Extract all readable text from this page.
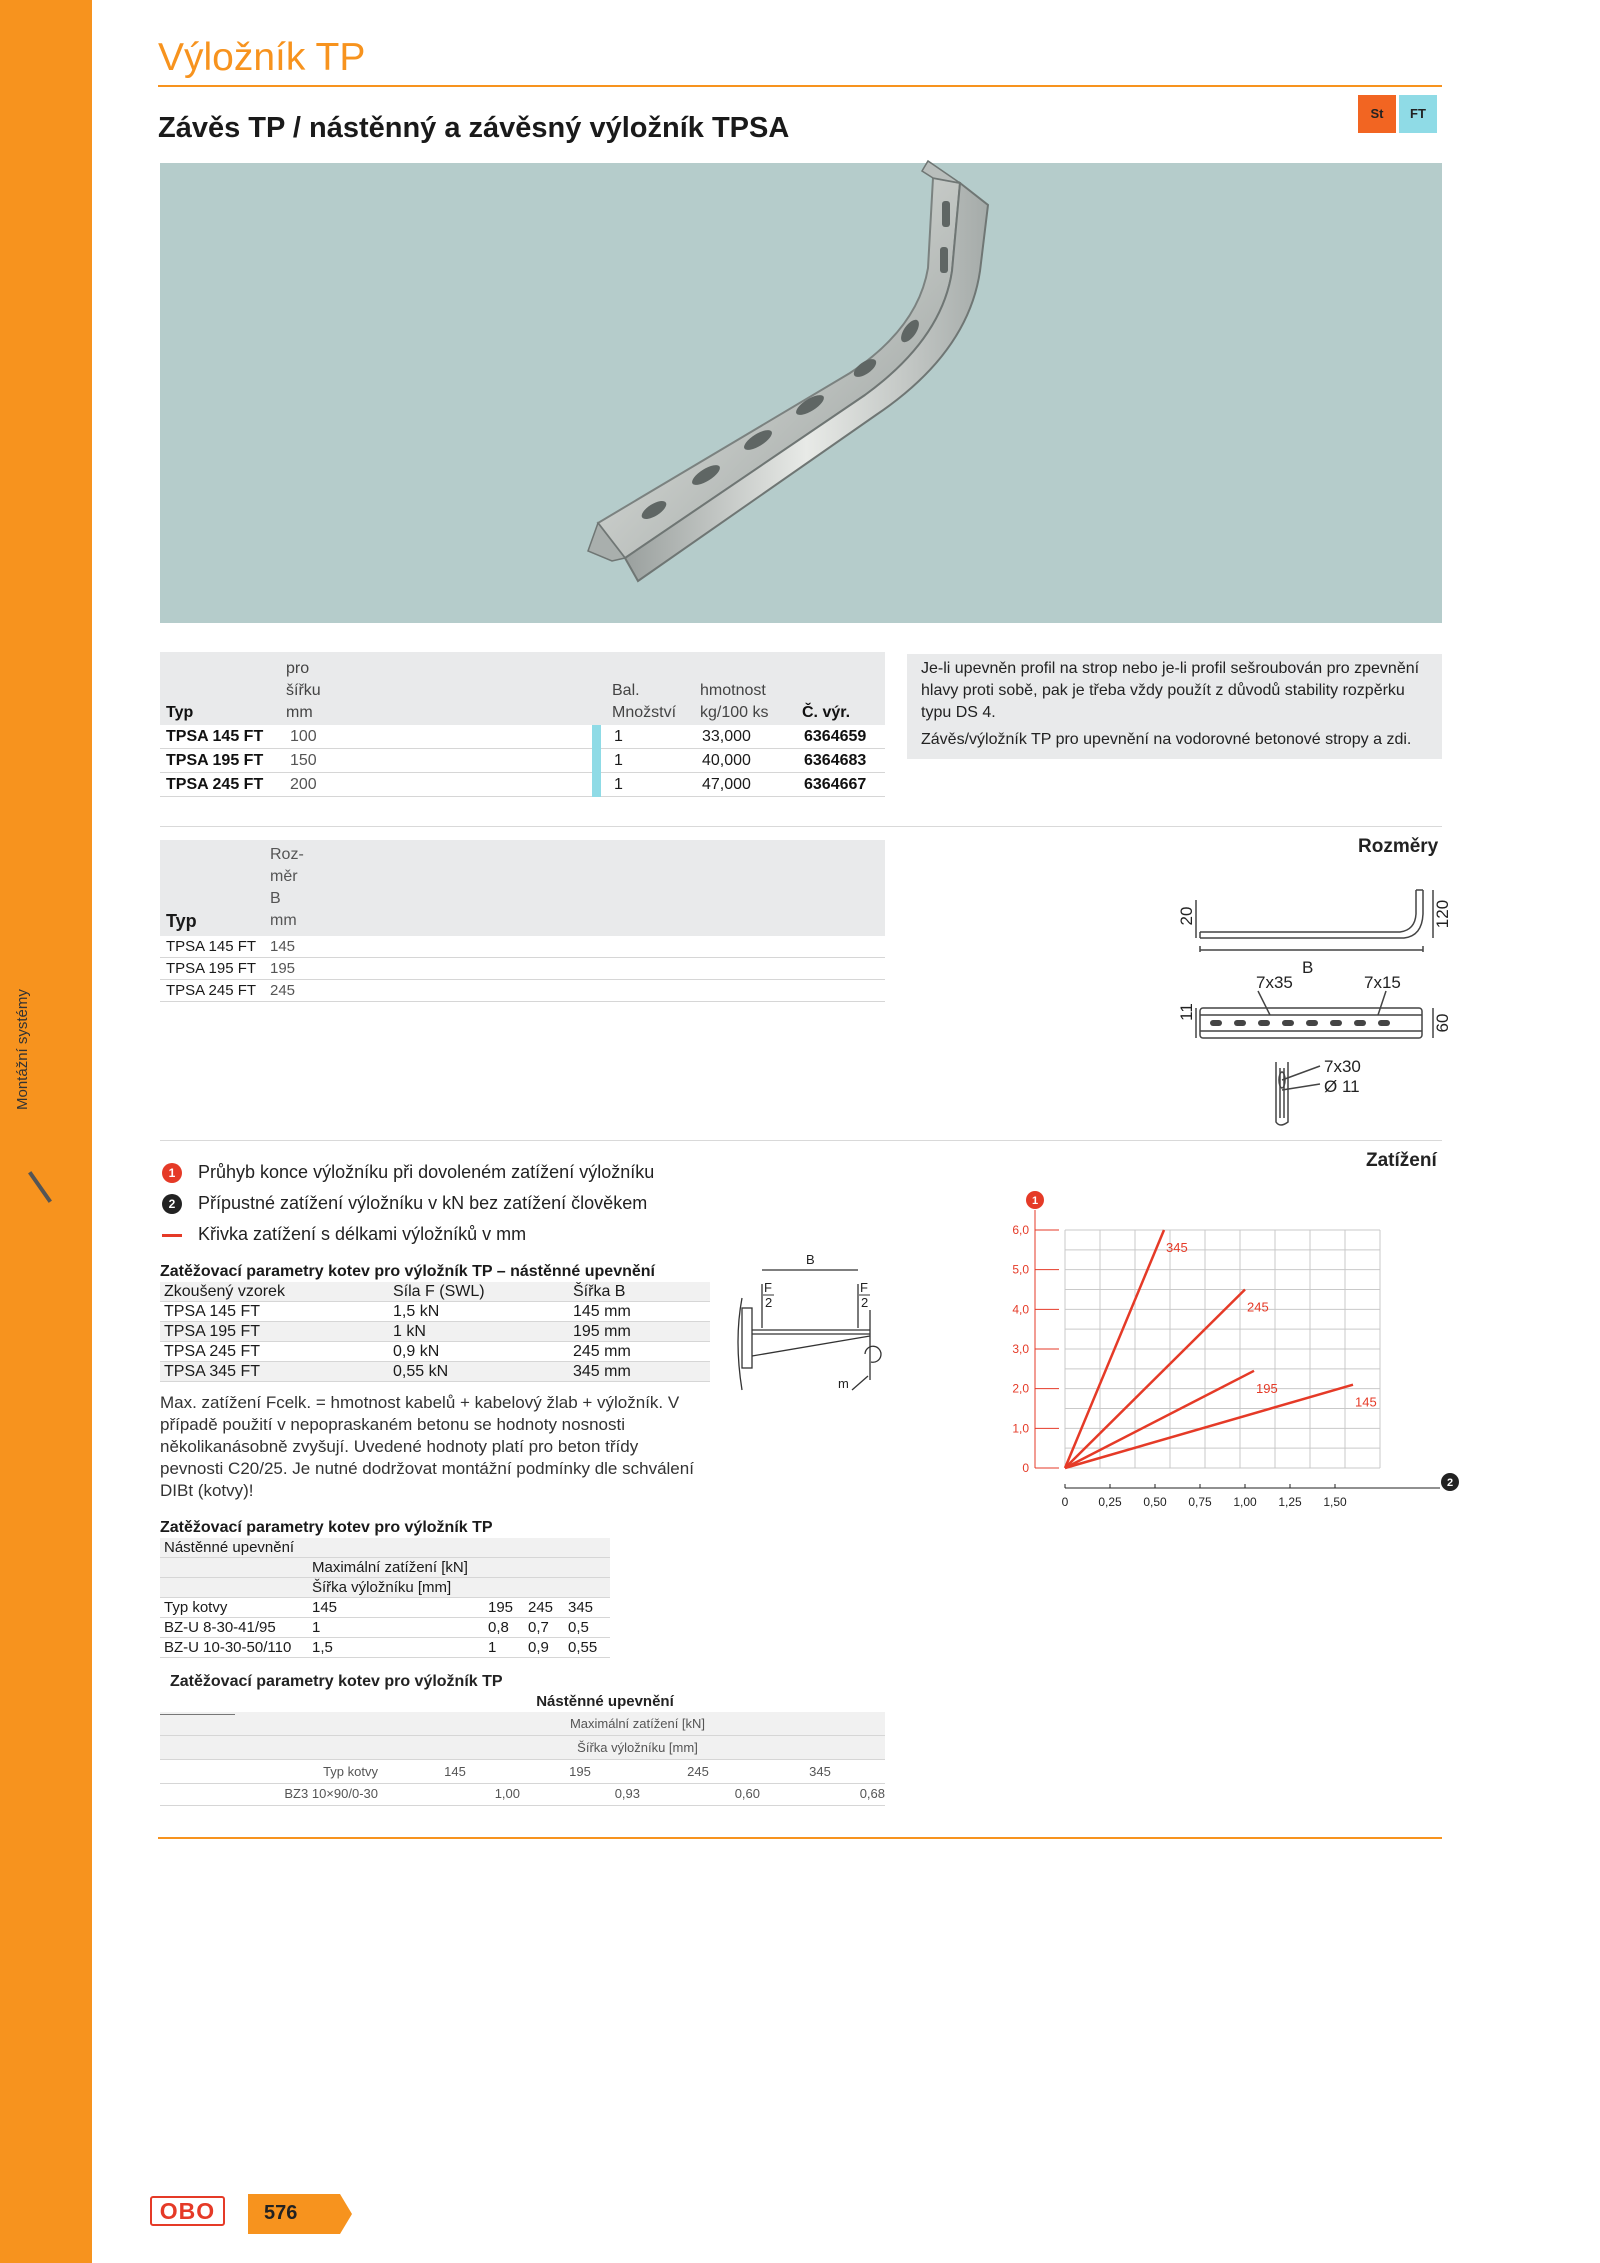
Montážní systémy
Výložník TP
Závěs TP / nástěnný a závěsný výložník TPSA	St	FT
pro
šířku
mm
Typ
Bal.
Množství
hmotnost
kg/100 ks Č. výr.
TPSA 145 FT 100	1	33,000	6364659
TPSA 195 FT 150	1	40,000	6364683
TPSA 245 FT 200	1	47,000	6364667

Je-li upevněn profil na strop nebo je-li profil sešroubován pro zpevnění hlavy proti sobě, pak je třeba vždy použít z důvodů stability rozpěrku typu DS 4.

Závěs/výložník TP pro upevnění na vodorovné betonové stropy a zdi.

Roz-
měr
B
mm
Typ
TPSA 145 FT 145
TPSA 195 FT 195
TPSA 245 FT 245
Rozměry
20	120
B
11
7x35	7x15
60
7x30
Ø 11
Zatížení
1	Průhyb konce výložníku při dovoleném zatížení výložníku
2	Přípustné zatížení výložníku v kN bez zatížení člověkem
Křivka zatížení s délkami výložníků v mm
Zatěžovací parametry kotev pro výložník TP – nástěnné upevnění
Zkoušený vzorek	Síla F (SWL)	Šířka B
TPSA 145 FT	1,5 kN	145 mm
TPSA 195 FT	1 kN	195 mm
TPSA 245 FT	0,9 kN	245 mm
TPSA 345 FT	0,55 kN	345 mm
B
F
2
F
2
m
Max. zatížení Fcelk. = hmotnost kabelů + kabelový žlab + výložník. V případě použití v nepopraskaném betonu se hodnoty nosnosti několikanásobně zvyšují. Uvedené hodnoty platí pro beton třídy pevnosti C20/25. Je nutné dodržovat montážní podmínky dle schválení DIBt (kotvy)!
Zatěžovací parametry kotev pro výložník TP
Nástěnné upevnění
Maximální zatížení [kN]
Šířka výložníku [mm]
Typ kotvy	145	195 245 345
BZ-U 8-30-41/95 1	0,8 0,7 0,5
BZ-U 10-30-50/110 1,5	1 0,9 0,55
Zatěžovací parametry kotev pro výložník TP
Nástěnné upevnění
Maximální zatížení [kN]
Šířka výložníku [mm]
Typ kotvy	145	195	245	345
BZ3 10×90/0-30	1,00	0,93	0,60	0,68
0
1,0
2,0
3,0
4,0
5,0
6,0
0 0,25 0,50 0,75 1,00 1,25 1,50
1
2
345
245
195
145
OBO 576
